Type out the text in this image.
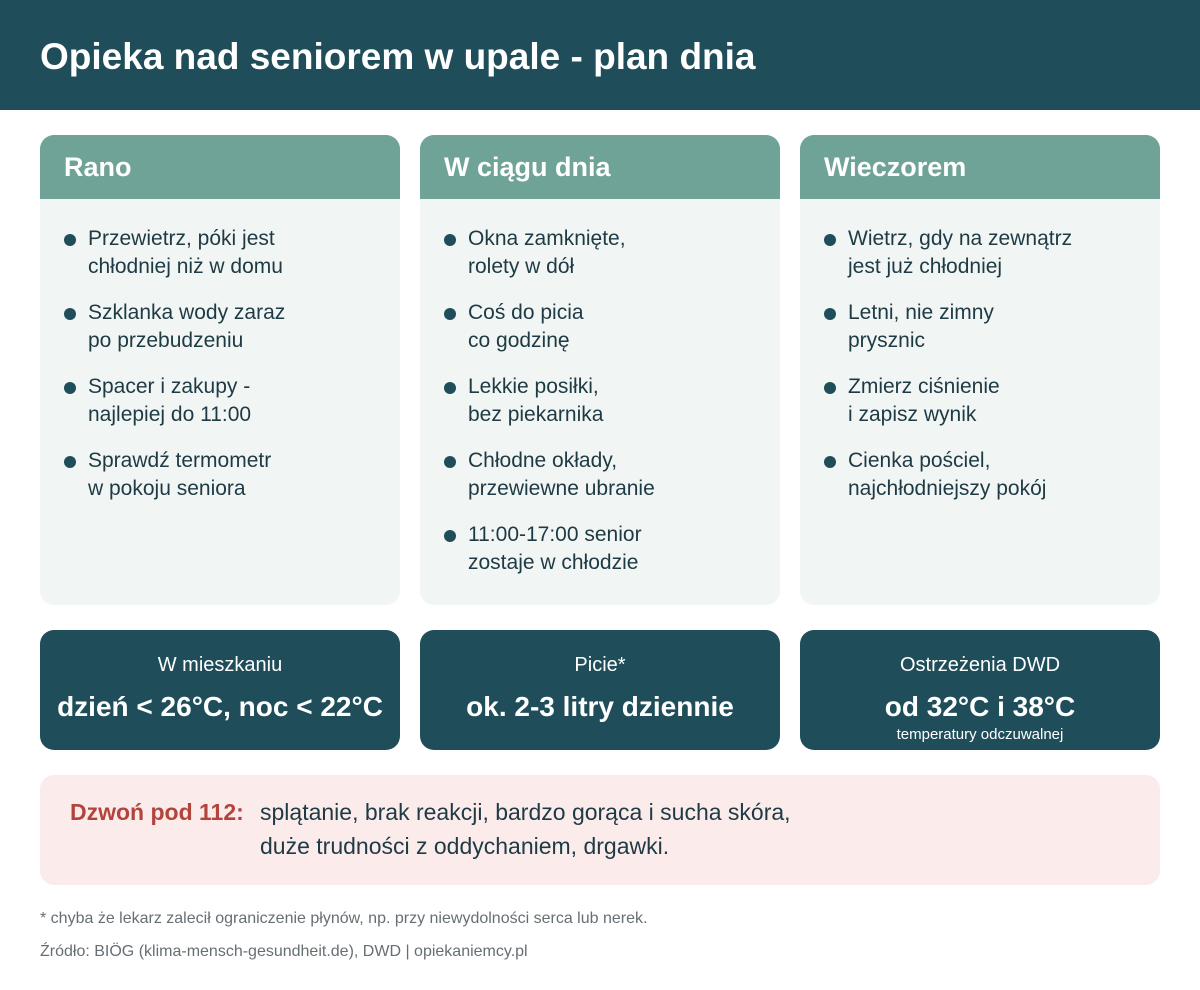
Opieka nad seniorem w upale - plan dnia
Rano
Przewietrz, póki jest
chłodniej niż w domu
Szklanka wody zaraz
po przebudzeniu
Spacer i zakupy -
najlepiej do 11:00
Sprawdź termometr
w pokoju seniora
W ciągu dnia
Okna zamknięte,
rolety w dół
Coś do picia
co godzinę
Lekkie posiłki,
bez piekarnika
Chłodne okłady,
przewiewne ubranie
11:00-17:00 senior
zostaje w chłodzie
Wieczorem
Wietrz, gdy na zewnątrz
jest już chłodniej
Letni, nie zimny
prysznic
Zmierz ciśnienie
i zapisz wynik
Cienka pościel,
najchłodniejszy pokój
W mieszkaniu
dzień < 26°C, noc < 22°C
Picie*
ok. 2-3 litry dziennie
Ostrzeżenia DWD
od 32°C i 38°C
temperatury odczuwalnej
Dzwoń pod 112: splątanie, brak reakcji, bardzo gorąca i sucha skóra,
duże trudności z oddychaniem, drgawki.
* chyba że lekarz zalecił ograniczenie płynów, np. przy niewydolności serca lub nerek.
Źródło: BIÖG (klima-mensch-gesundheit.de), DWD | opiekaniemcy.pl
